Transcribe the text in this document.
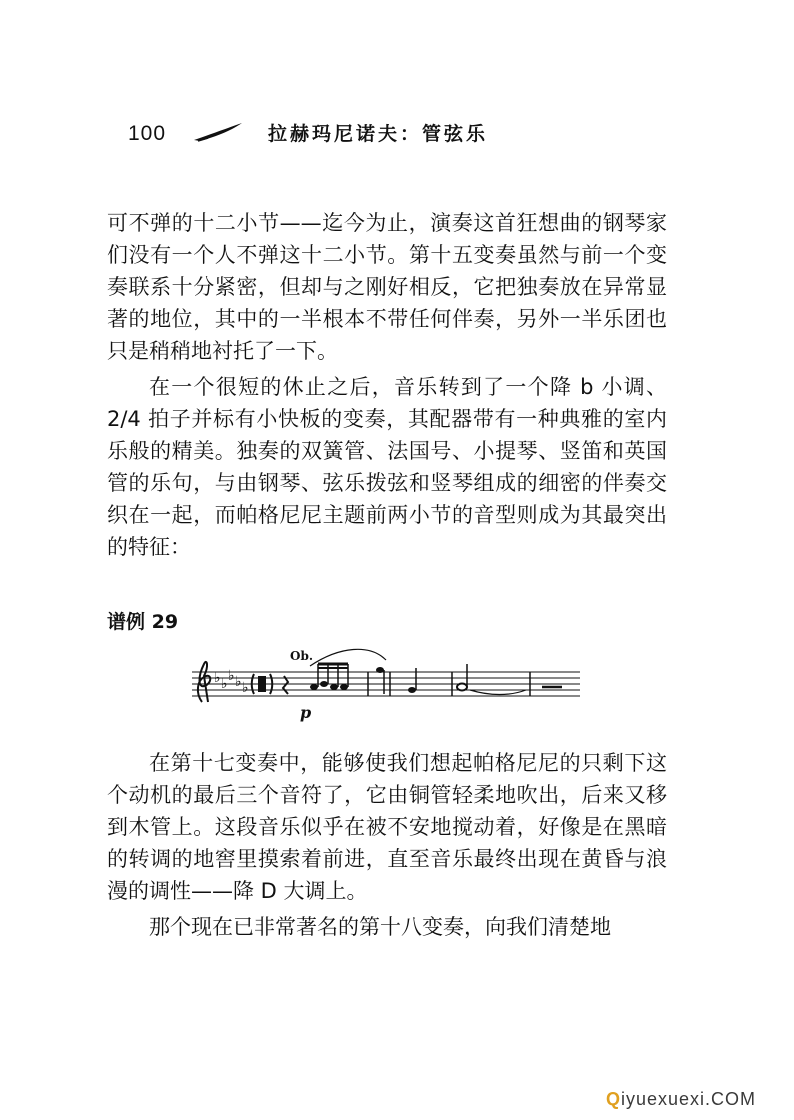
100	拉赫玛尼诺夫：管弦乐

可不弹的十二小节——迄今为止，演奏这首狂想曲的钢琴家们没有一个人不弹这十二小节。第十五变奏虽然与前一个变奏联系十分紧密，但却与之刚好相反，它把独奏放在异常显著的地位，其中的一半根本不带任何伴奏，另外一半乐团也只是稍稍地衬托了一下。

在一个很短的休止之后，音乐转到了一个降 b 小调、2/4 拍子并标有小快板的变奏，其配器带有一种典雅的室内乐般的精美。独奏的双簧管、法国号、小提琴、竖笛和英国管的乐句，与由钢琴、弦乐拨弦和竖琴组成的细密的伴奏交织在一起，而帕格尼尼主题前两小节的音型则成为其最突出的特征：

谱例 29
♭ ♭ ♭ ♭ ♭
Ob.
p

在第十七变奏中，能够使我们想起帕格尼尼的只剩下这个动机的最后三个音符了，它由铜管轻柔地吹出，后来又移到木管上。这段音乐似乎在被不安地搅动着，好像是在黑暗的转调的地窖里摸索着前进，直至音乐最终出现在黄昏与浪漫的调性——降 D 大调上。

那个现在已非常著名的第十八变奏，向我们清楚地

Qiyuexuexi.COM
